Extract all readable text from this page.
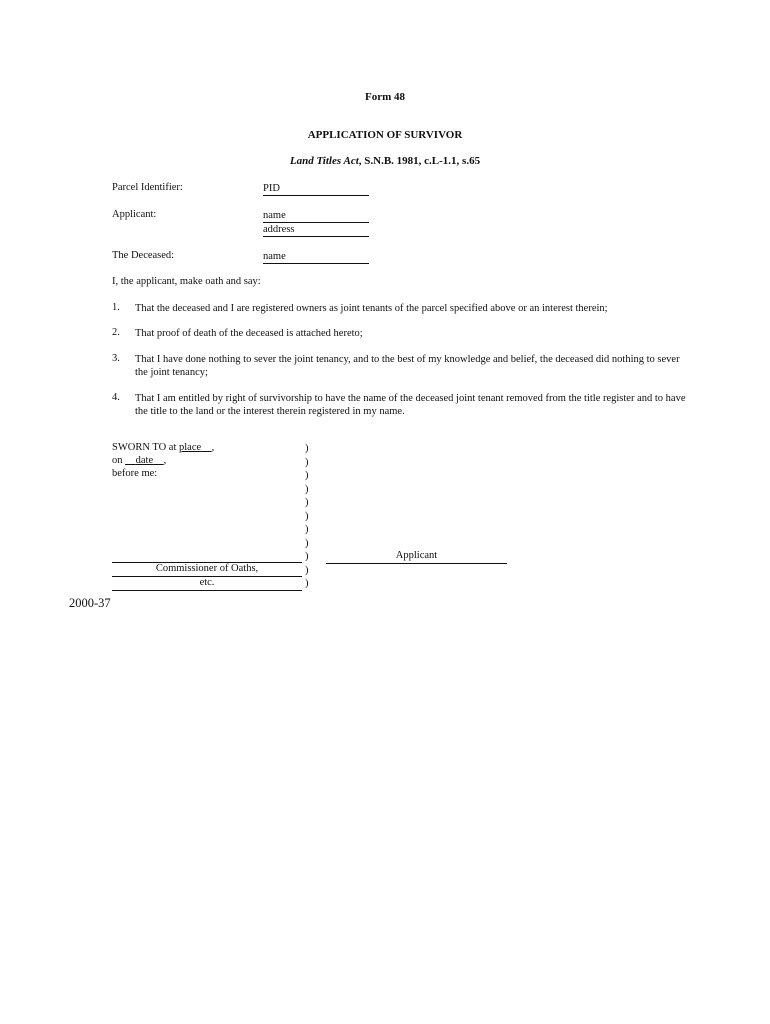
Form 48
APPLICATION OF SURVIVOR
Land Titles Act, S.N.B. 1981, c.L-1.1, s.65
Parcel Identifier:	PID
Applicant:	name
address
The Deceased:	name
I, the applicant, make oath and say:
1. That the deceased and I are registered owners as joint tenants of the parcel specified above or an interest therein;
2. That proof of death of the deceased is attached hereto;
3. That I have done nothing to sever the joint tenancy, and to the best of my knowledge and belief, the deceased did nothing to sever the joint tenancy;
4. That I am entitled by right of survivorship to have the name of the deceased joint tenant removed from the title register and to have the title to the land or the interest therein registered in my name.
SWORN TO at place ,
on     date ,
before me:
)
)
)
)
)
)
)
)
)
)
)
Commissioner of Oaths,
etc.
Applicant
2000-37
